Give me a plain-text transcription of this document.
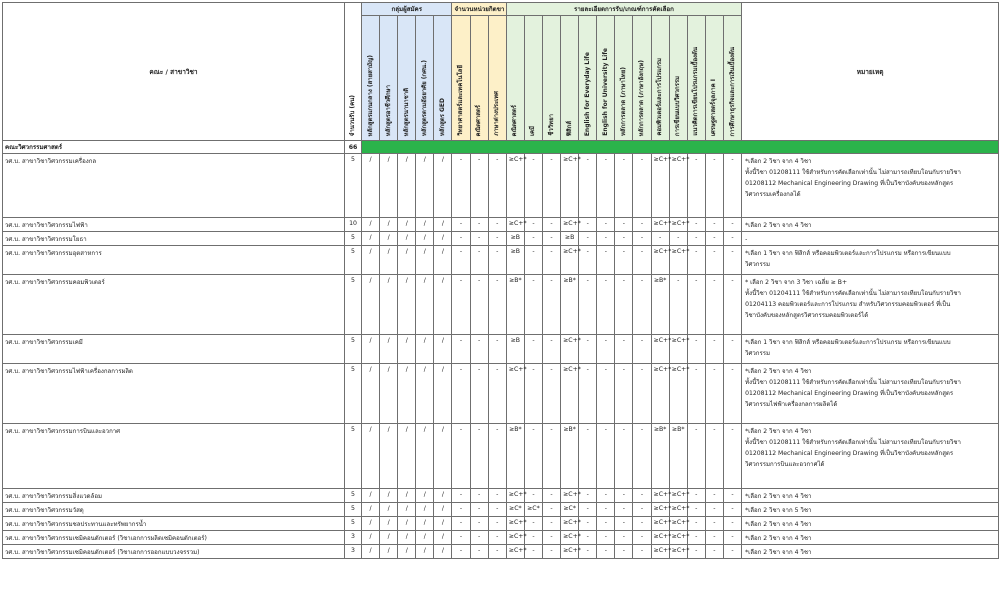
คณะ / สาขาวิชา	จำนวนรับ (คน)	กลุ่มผู้สมัคร					จำนวนหน่วยกิตขา			รายละเอียดการรับ/เกณฑ์การคัดเลือก													หมายเหตุ
		หลักสูตรแกนกลาง (สายสามัญ)	หลักสูตรอาชีวศึกษา	หลักสูตรนานาชาติ	หลักสูตรตามอัธยาศัย (กศน.)	หลักสูตร GED	วิทยาศาสตร์และเทคโนโลยี	คณิตศาสตร์	ภาษาต่างประเทศ	คณิตศาสตร์	เคมี	ชีววิทยา	ฟิสิกส์	English for Everyday Life	English for University Life	หลักการตลาด (ภาษาไทย)	หลักการตลาด (ภาษาอังกฤษ)	คอมพิวเตอร์และการโปรแกรม	การเขียนแบบวิศวกรรม	แนวคิดการเขียนโปรแกรมเบื้องต้น	เศรษฐศาสตร์จุลภาค I	การศึกษาธุรกิจและการเงินเบื้องต้น	
คณะวิศวกรรมศาสตร์	66																						
วศ.บ. สาขาวิชาวิศวกรรมเครื่องกล	5	/	/	/	/	/	-	-	-	≥C+*	-	-	≥C+*	-	-	-	-	≥C+*	≥C+*	-	-	-	*เลือก 2 วิชา จาก 4 วิชา
ทั้งนี้วิชา 01208111 ใช้สำหรับการคัดเลือกเท่านั้น ไม่สามารถเทียบโอนกับรายวิชา
01208112 Mechanical Engineering Drawing ที่เป็นวิชาบังคับของหลักสูตร
วิศวกรรมเครื่องกลได้

วศ.บ. สาขาวิชาวิศวกรรมไฟฟ้า	10	/	/	/	/	/	-	-	-	≥C+*	-	-	≥C+*	-	-	-	-	≥C+*	≥C+*	-	-	-	*เลือก 2 วิชา จาก 4 วิชา

วศ.บ. สาขาวิชาวิศวกรรมโยธา	5	/	/	/	/	/	-	-	-	≥B	-	-	≥B	-	-	-	-	-	-	-	-	-	-

วศ.บ. สาขาวิชาวิศวกรรมอุตสาหการ	5	/	/	/	/	/	-	-	-	≥B	-	-	≥C+*	-	-	-	-	≥C+*	≥C+*	-	-	-	*เลือก 1 วิชา จาก ฟิสิกส์ หรือคอมพิวเตอร์และการโปรแกรม หรือการเขียนแบบ
วิศวกรรม

วศ.บ. สาขาวิชาวิศวกรรมคอมพิวเตอร์	5	/	/	/	/	/	-	-	-	≥B*	-	-	≥B*	-	-	-	-	≥B*	-	-	-	-	* เลือก 2 วิชา จาก 3 วิชา เฉลี่ย ≥ B+
ทั้งนี้วิชา 01204111 ใช้สำหรับการคัดเลือกเท่านั้น ไม่สามารถเทียบโอนกับรายวิชา
01204113 คอมพิวเตอร์และการโปรแกรม สำหรับวิศวกรรมคอมพิวเตอร์ ที่เป็น
วิชาบังคับของหลักสูตรวิศวกรรมคอมพิวเตอร์ได้

วศ.บ. สาขาวิชาวิศวกรรมเคมี	5	/	/	/	/	/	-	-	-	≥B	-	-	≥C+*	-	-	-	-	≥C+*	≥C+*	-	-	-	*เลือก 1 วิชา จาก ฟิสิกส์ หรือคอมพิวเตอร์และการโปรแกรม หรือการเขียนแบบ
วิศวกรรม

วศ.บ. สาขาวิชาวิศวกรรมไฟฟ้าเครื่องกลการผลิต	5	/	/	/	/	/	-	-	-	≥C+*	-	-	≥C+*	-	-	-	-	≥C+*	≥C+*	-	-	-	*เลือก 2 วิชา จาก 4 วิชา
ทั้งนี้วิชา 01208111 ใช้สำหรับการคัดเลือกเท่านั้น ไม่สามารถเทียบโอนกับรายวิชา
01208112 Mechanical Engineering Drawing ที่เป็นวิชาบังคับของหลักสูตร
วิศวกรรมไฟฟ้าเครื่องกลการผลิตได้

วศ.บ. สาขาวิชาวิศวกรรมการบินและอวกาศ	5	/	/	/	/	/	-	-	-	≥B*	-	-	≥B*	-	-	-	-	≥B*	≥B*	-	-	-	*เลือก 2 วิชา จาก 4 วิชา
ทั้งนี้วิชา 01208111 ใช้สำหรับการคัดเลือกเท่านั้น ไม่สามารถเทียบโอนกับรายวิชา
01208112 Mechanical Engineering Drawing ที่เป็นวิชาบังคับของหลักสูตร
วิศวกรรมการบินและอวกาศได้

วศ.บ. สาขาวิชาวิศวกรรมสิ่งแวดล้อม	5	/	/	/	/	/	-	-	-	≥C+*	-	-	≥C+*	-	-	-	-	≥C+*	≥C+*	-	-	-	*เลือก 2 วิชา จาก 4 วิชา

วศ.บ. สาขาวิชาวิศวกรรมวัสดุ	5	/	/	/	/	/	-	-	-	≥C*	≥C*	-	≥C*	-	-	-	-	≥C+*	≥C+*	-	-	-	*เลือก 2 วิชา จาก 5 วิชา

วศ.บ. สาขาวิชาวิศวกรรมชลประทานและทรัพยากรน้ำ	5	/	/	/	/	/	-	-	-	≥C+*	-	-	≥C+*	-	-	-	-	≥C+*	≥C+*	-	-	-	*เลือก 2 วิชา จาก 4 วิชา

วศ.บ. สาขาวิชาวิศวกรรมเซมิคอนดักเตอร์ (วิชาเอกการผลิตเซมิคอนดักเตอร์)	3	/	/	/	/	/	-	-	-	≥C+*	-	-	≥C+*	-	-	-	-	≥C+*	≥C+*	-	-	-	*เลือก 2 วิชา จาก 4 วิชา

วศ.บ. สาขาวิชาวิศวกรรมเซมิคอนดักเตอร์ (วิชาเอกการออกแบบวงจรรวม)	3	/	/	/	/	/	-	-	-	≥C+*	-	-	≥C+*	-	-	-	-	≥C+*	≥C+*	-	-	-	*เลือก 2 วิชา จาก 4 วิชา
